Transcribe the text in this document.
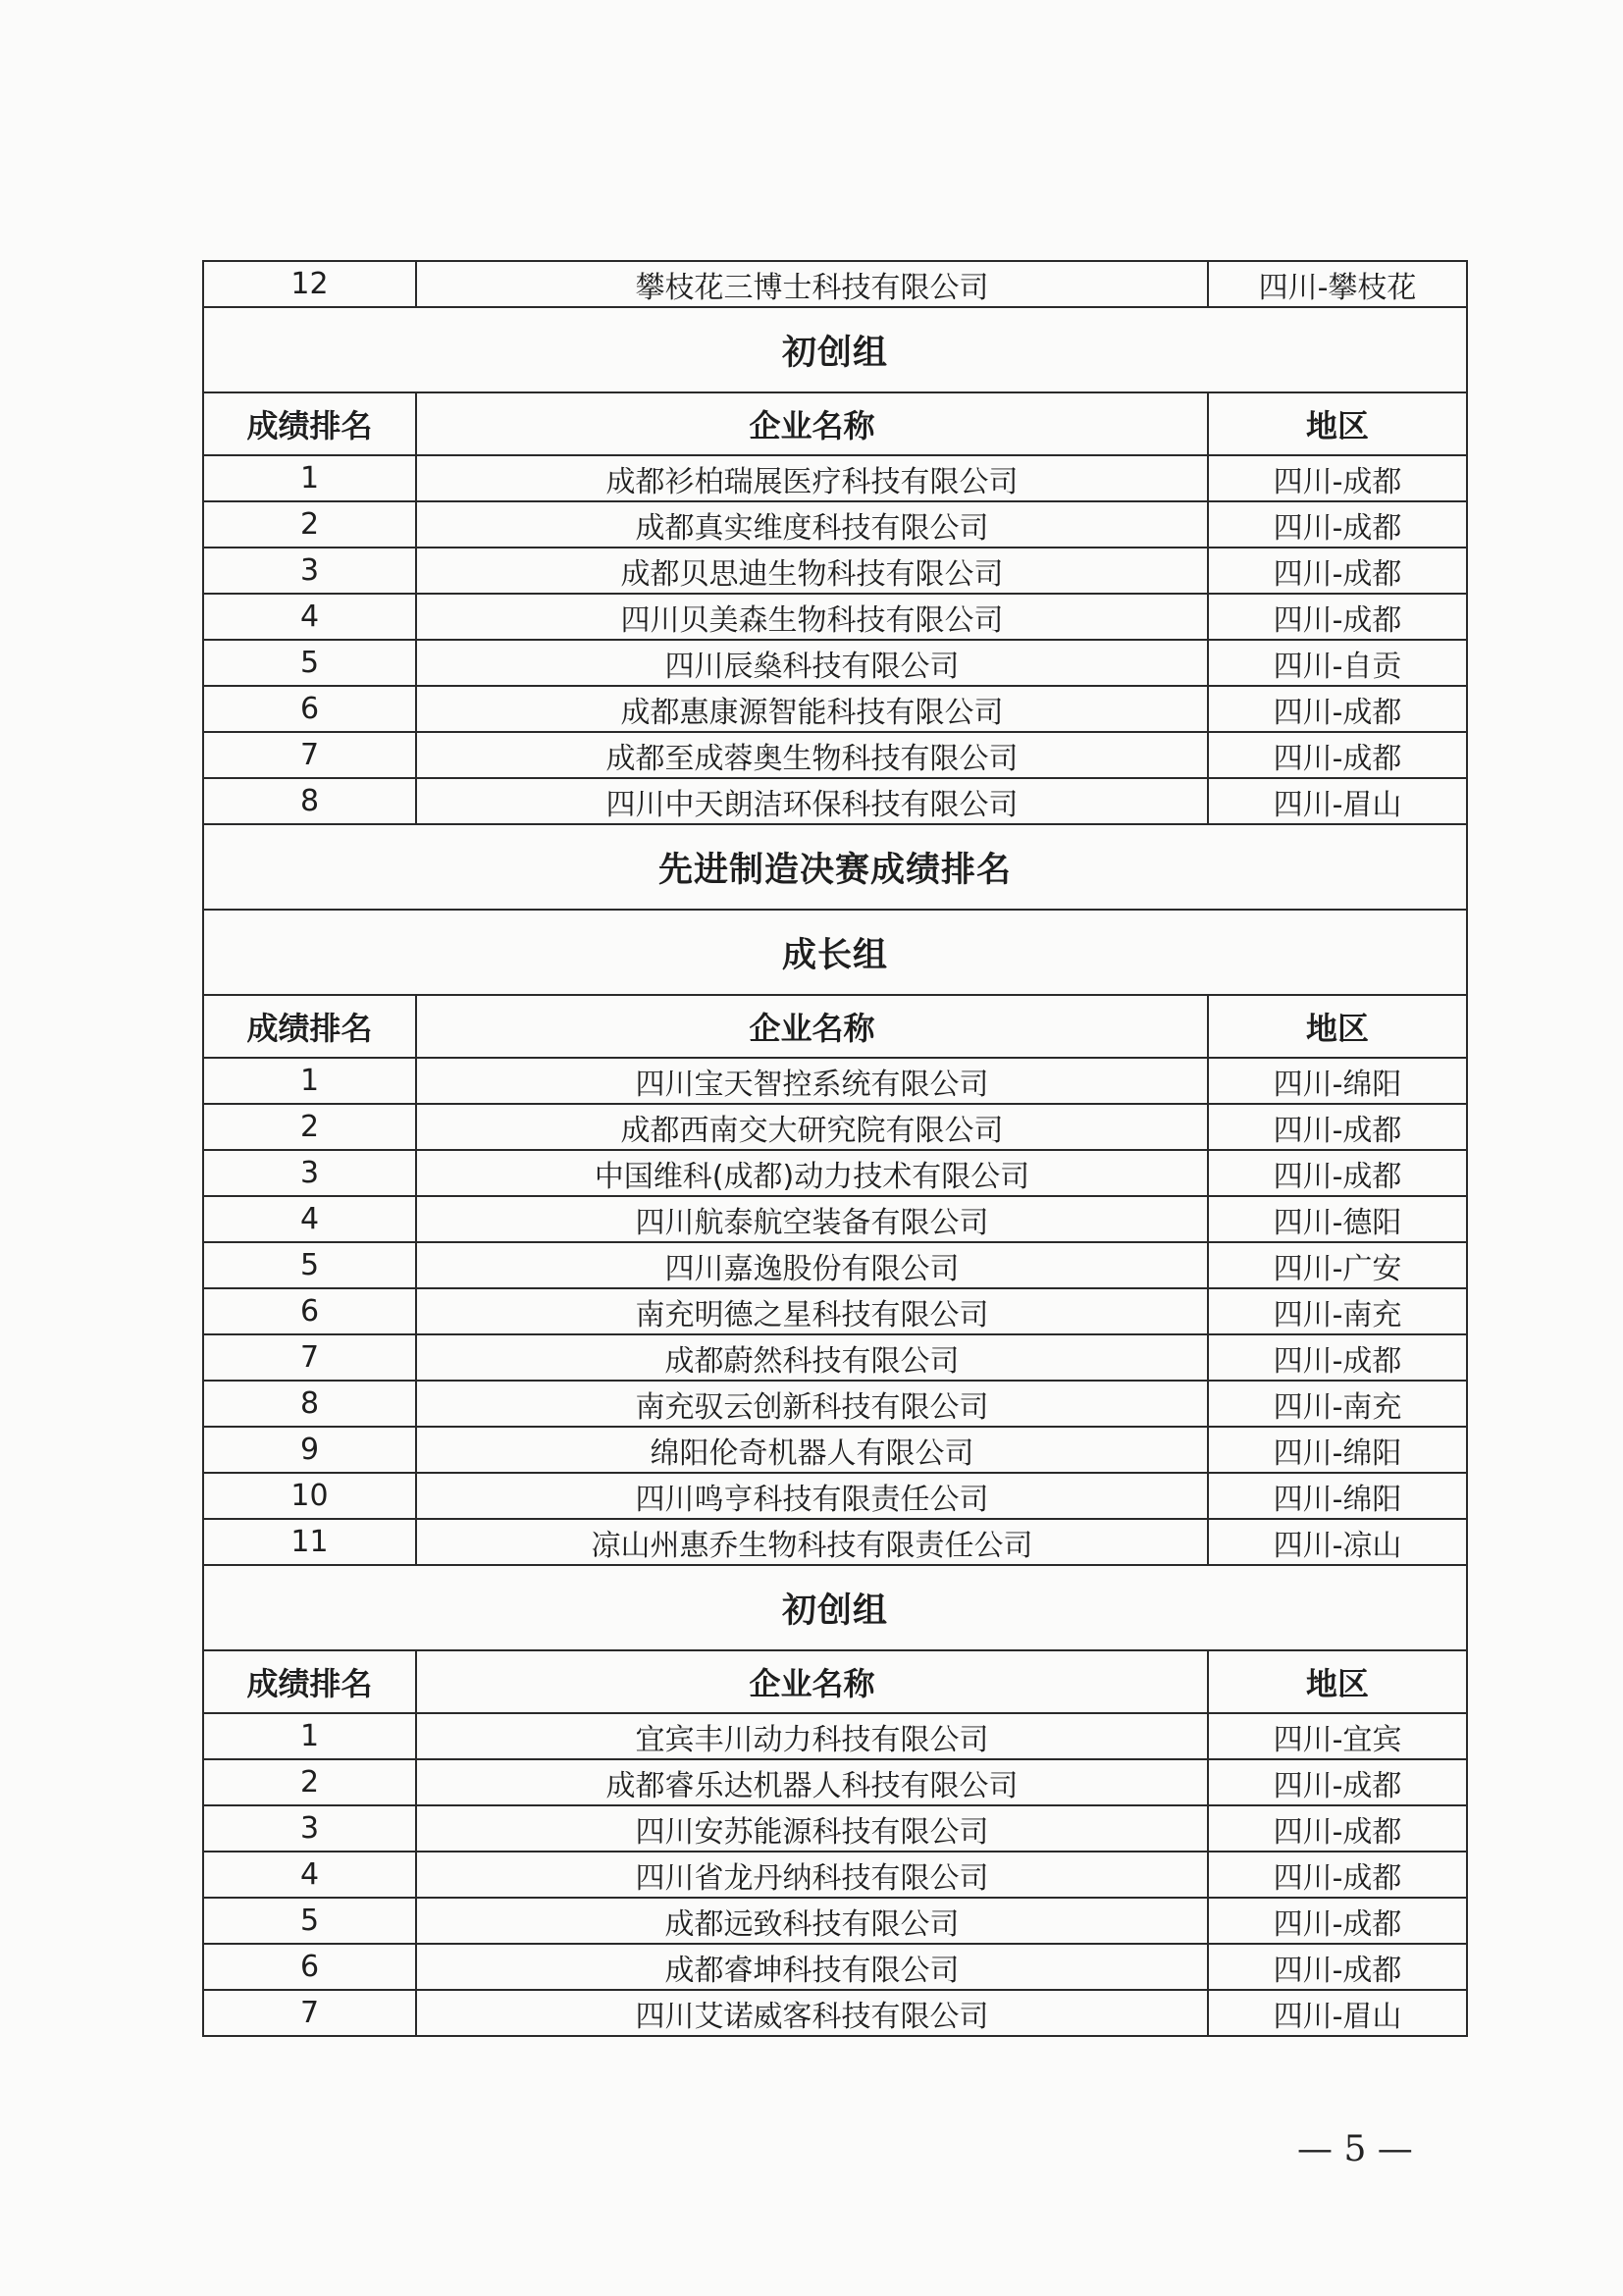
12	攀枝花三博士科技有限公司	四川-攀枝花
初创组		
成绩排名	企业名称	地区
1	成都衫柏瑞展医疗科技有限公司	四川-成都
2	成都真实维度科技有限公司	四川-成都
3	成都贝思迪生物科技有限公司	四川-成都
4	四川贝美森生物科技有限公司	四川-成都
5	四川辰燊科技有限公司	四川-自贡
6	成都惠康源智能科技有限公司	四川-成都
7	成都至成蓉奥生物科技有限公司	四川-成都
8	四川中天朗洁环保科技有限公司	四川-眉山
先进制造决赛成绩排名		
成长组		
成绩排名	企业名称	地区
1	四川宝天智控系统有限公司	四川-绵阳
2	成都西南交大研究院有限公司	四川-成都
3	中国维科(成都)动力技术有限公司	四川-成都
4	四川航泰航空装备有限公司	四川-德阳
5	四川嘉逸股份有限公司	四川-广安
6	南充明德之星科技有限公司	四川-南充
7	成都蔚然科技有限公司	四川-成都
8	南充驭云创新科技有限公司	四川-南充
9	绵阳伦奇机器人有限公司	四川-绵阳
10	四川鸣亨科技有限责任公司	四川-绵阳
11	凉山州惠乔生物科技有限责任公司	四川-凉山
初创组		
成绩排名	企业名称	地区
1	宜宾丰川动力科技有限公司	四川-宜宾
2	成都睿乐达机器人科技有限公司	四川-成都
3	四川安苏能源科技有限公司	四川-成都
4	四川省龙丹纳科技有限公司	四川-成都
5	成都远致科技有限公司	四川-成都
6	成都睿坤科技有限公司	四川-成都
7	四川艾诺威客科技有限公司	四川-眉山
— 5 —
